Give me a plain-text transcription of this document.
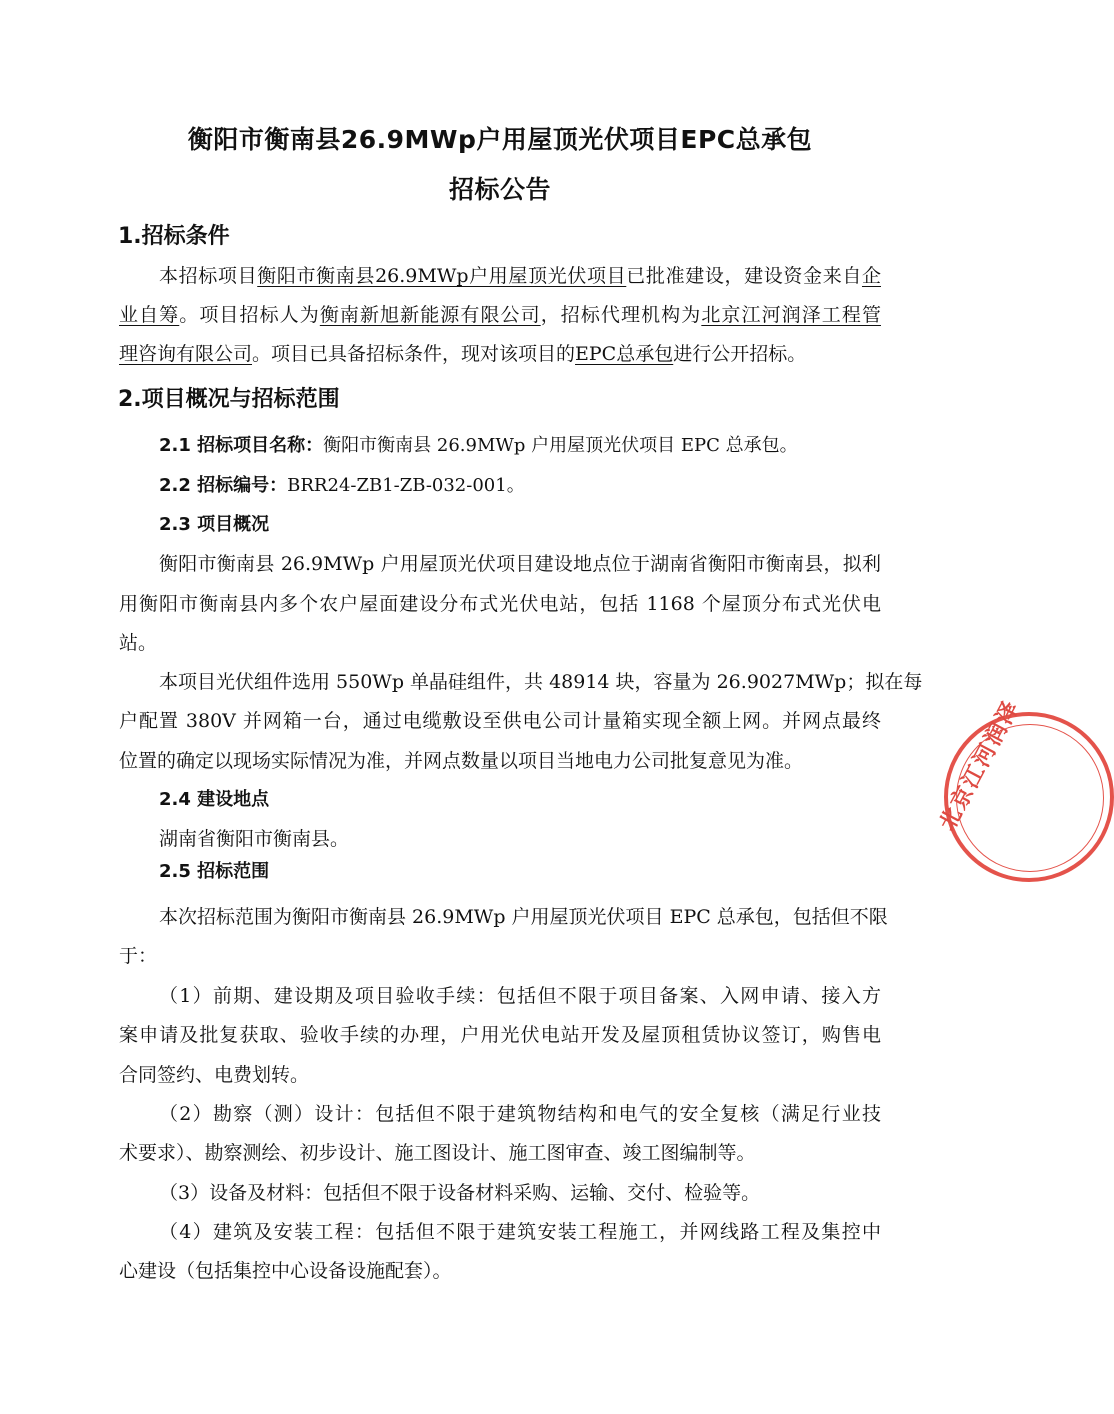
衡阳市衡南县26.9MWp户用屋顶光伏项目EPC总承包
招标公告
1.招标条件
本招标项目衡阳市衡南县26.9MWp户用屋顶光伏项目已批准建设，建设资金来自企
业自筹。项目招标人为衡南新旭新能源有限公司，招标代理机构为北京江河润泽工程管
理咨询有限公司。项目已具备招标条件，现对该项目的EPC总承包进行公开招标。
2.项目概况与招标范围
2.1 招标项目名称：衡阳市衡南县 26.9MWp 户用屋顶光伏项目 EPC 总承包。
2.2 招标编号：BRR24-ZB1-ZB-032-001。
2.3 项目概况
衡阳市衡南县 26.9MWp 户用屋顶光伏项目建设地点位于湖南省衡阳市衡南县，拟利
用衡阳市衡南县内多个农户屋面建设分布式光伏电站，包括 1168 个屋顶分布式光伏电
站。
本项目光伏组件选用 550Wp 单晶硅组件，共 48914 块，容量为 26.9027MWp；拟在每
户配置 380V 并网箱一台，通过电缆敷设至供电公司计量箱实现全额上网。并网点最终
位置的确定以现场实际情况为准，并网点数量以项目当地电力公司批复意见为准。
2.4 建设地点
湖南省衡阳市衡南县。
2.5 招标范围
本次招标范围为衡阳市衡南县 26.9MWp 户用屋顶光伏项目 EPC 总承包，包括但不限
于：
（1）前期、建设期及项目验收手续：包括但不限于项目备案、入网申请、接入方
案申请及批复获取、验收手续的办理，户用光伏电站开发及屋顶租赁协议签订，购售电
合同签约、电费划转。
（2）勘察（测）设计：包括但不限于建筑物结构和电气的安全复核（满足行业技
术要求）、勘察测绘、初步设计、施工图设计、施工图审查、竣工图编制等。
（3）设备及材料：包括但不限于设备材料采购、运输、交付、检验等。
（4）建筑及安装工程：包括但不限于建筑安装工程施工，并网线路工程及集控中
心建设（包括集控中心设备设施配套）。
北京江河润泽
